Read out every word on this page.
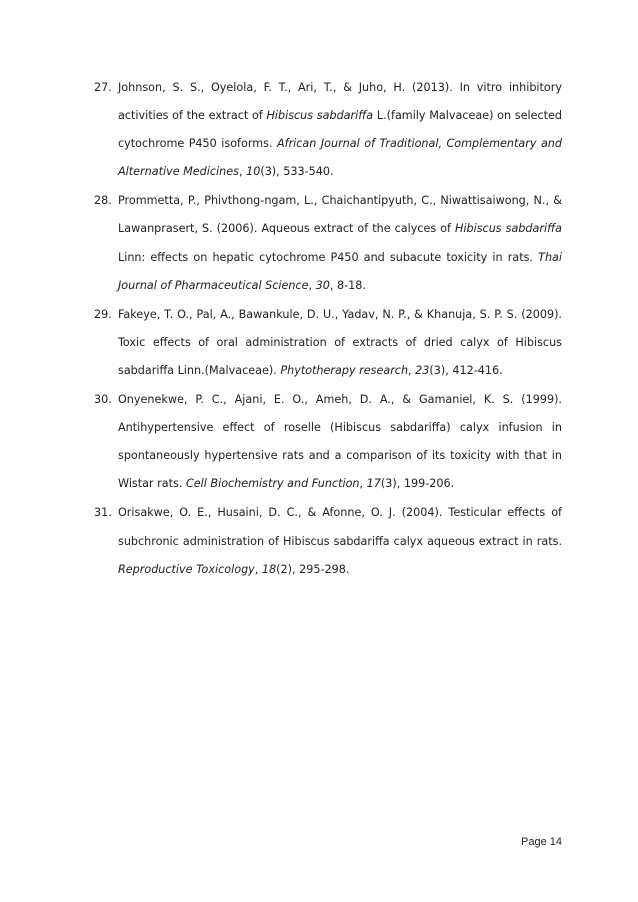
27. Johnson, S. S., Oyelola, F. T., Ari, T., & Juho, H. (2013). In vitro inhibitory activities of the extract of Hibiscus sabdariffa L.(family Malvaceae) on selected cytochrome P450 isoforms. African Journal of Traditional, Complementary and Alternative Medicines, 10(3), 533-540.
28. Prommetta, P., Phivthong-ngam, L., Chaichantipyuth, C., Niwattisaiwong, N., & Lawanprasert, S. (2006). Aqueous extract of the calyces of Hibiscus sabdariffa Linn: effects on hepatic cytochrome P450 and subacute toxicity in rats. Thai Journal of Pharmaceutical Science, 30, 8-18.
29. Fakeye, T. O., Pal, A., Bawankule, D. U., Yadav, N. P., & Khanuja, S. P. S. (2009). Toxic effects of oral administration of extracts of dried calyx of Hibiscus sabdariffa Linn.(Malvaceae). Phytotherapy research, 23(3), 412-416.
30. Onyenekwe, P. C., Ajani, E. O., Ameh, D. A., & Gamaniel, K. S. (1999). Antihypertensive effect of roselle (Hibiscus sabdariffa) calyx infusion in spontaneously hypertensive rats and a comparison of its toxicity with that in Wistar rats. Cell Biochemistry and Function, 17(3), 199-206.
31. Orisakwe, O. E., Husaini, D. C., & Afonne, O. J. (2004). Testicular effects of subchronic administration of Hibiscus sabdariffa calyx aqueous extract in rats. Reproductive Toxicology, 18(2), 295-298.
Page 14
